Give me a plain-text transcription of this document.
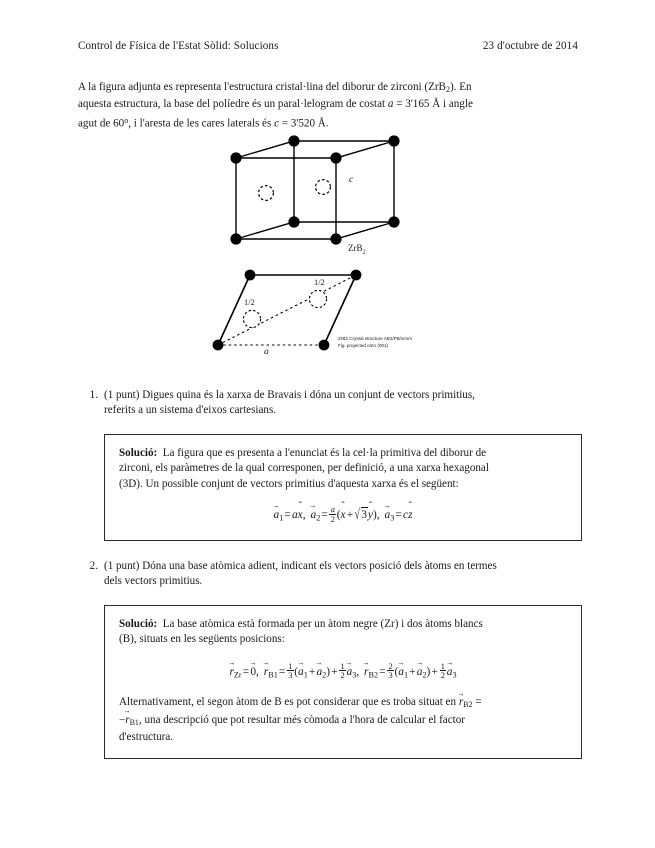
Control de Física de l'Estat Sòlid: Solucions	23 d'octubre de 2014
A la figura adjunta es representa l'estructura cristal·lina del diborur de zirconi (ZrB$_2$). En
aquesta estructura, la base del políedre és un paral·lelogram de costat a = 3'165 Å i angle
agut de 60$^o$, i l'aresta de les cares laterals és c = 3'520 Å.
c
ZrB$_2$
1/2
1/2
a
ZrB2 Crystal structure AB2/P6/mmm
Fig. projected onto (001)
1. (1 punt) Digues quina és la xarxa de Bravais i dóna un conjunt de vectors primitius,
referits a un sistema d'eixos cartesians.
Solució: La figura que es presenta a l'enunciat és la cel·la primitiva del diborur de
zirconi, els paràmetres de la qual corresponen, per definició, a una xarxa hexagonal
(3D). Un possible conjunt de vectors primitius d'aquesta xarxa és el següent:
→ $a_1=aˆ$ x, → $a_2= \frac{a}{2}$ (ˆ x+ √3ˆ y), → $a_3=cˆ$ z
2. (1 punt) Dóna una base atòmica adient, indicant els vectors posició dels àtoms en termes
dels vectors primitius.
Solució: La base atòmica està formada per un àtom negre (Zr) i dos àtoms blancs
(B), situats en les següents posicions:
→ $r_{Zr}=\to 0$, → $r_{B1}= \frac{1}{3}$ (→ $a_1+\to a_2)+ \frac{1}{2} \to a_3$, → $r_{B2}= \frac{2}{3}$ (→ $a_1+\to a_2)+ \frac{1}{2} \to a_3$
Alternativament, el segon àtom de B es pot considerar que es troba situat en → $r_{B2}$ =
−→ $r_{B1}$, una descripció que pot resultar més còmoda a l'hora de calcular el factor
d'estructura.
